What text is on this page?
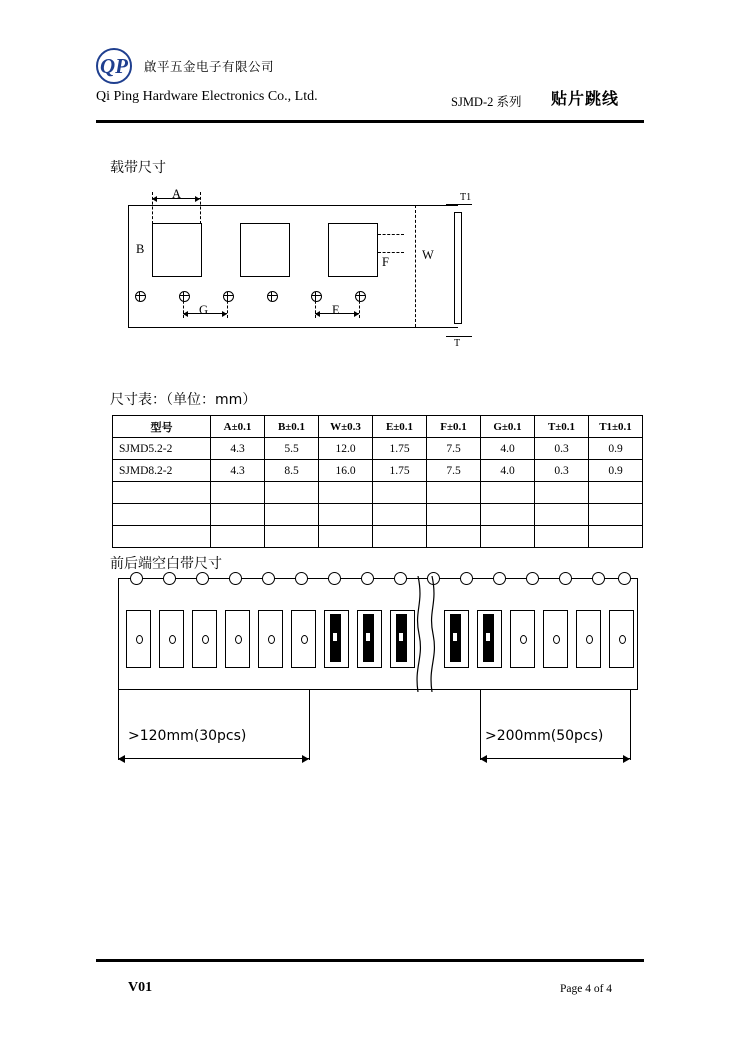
QP	啟平五金电子有限公司
Qi Ping Hardware Electronics Co., Ltd.	SJMD-2 系列 贴片跳线
载带尺寸
A
B
F	W
G	E
T1
T
尺寸表：（单位：mm）
型号	A±0.1	B±0.1	W±0.3	E±0.1	F±0.1	G±0.1	T±0.1	T1±0.1
SJMD5.2-2	4.3	5.5	12.0	1.75	7.5	4.0	0.3	0.9
SJMD8.2-2	4.3	8.5	16.0	1.75	7.5	4.0	0.3	0.9

前后端空白带尺寸
>120mm(30pcs)	>200mm(50pcs)
V01	Page 4 of 4
